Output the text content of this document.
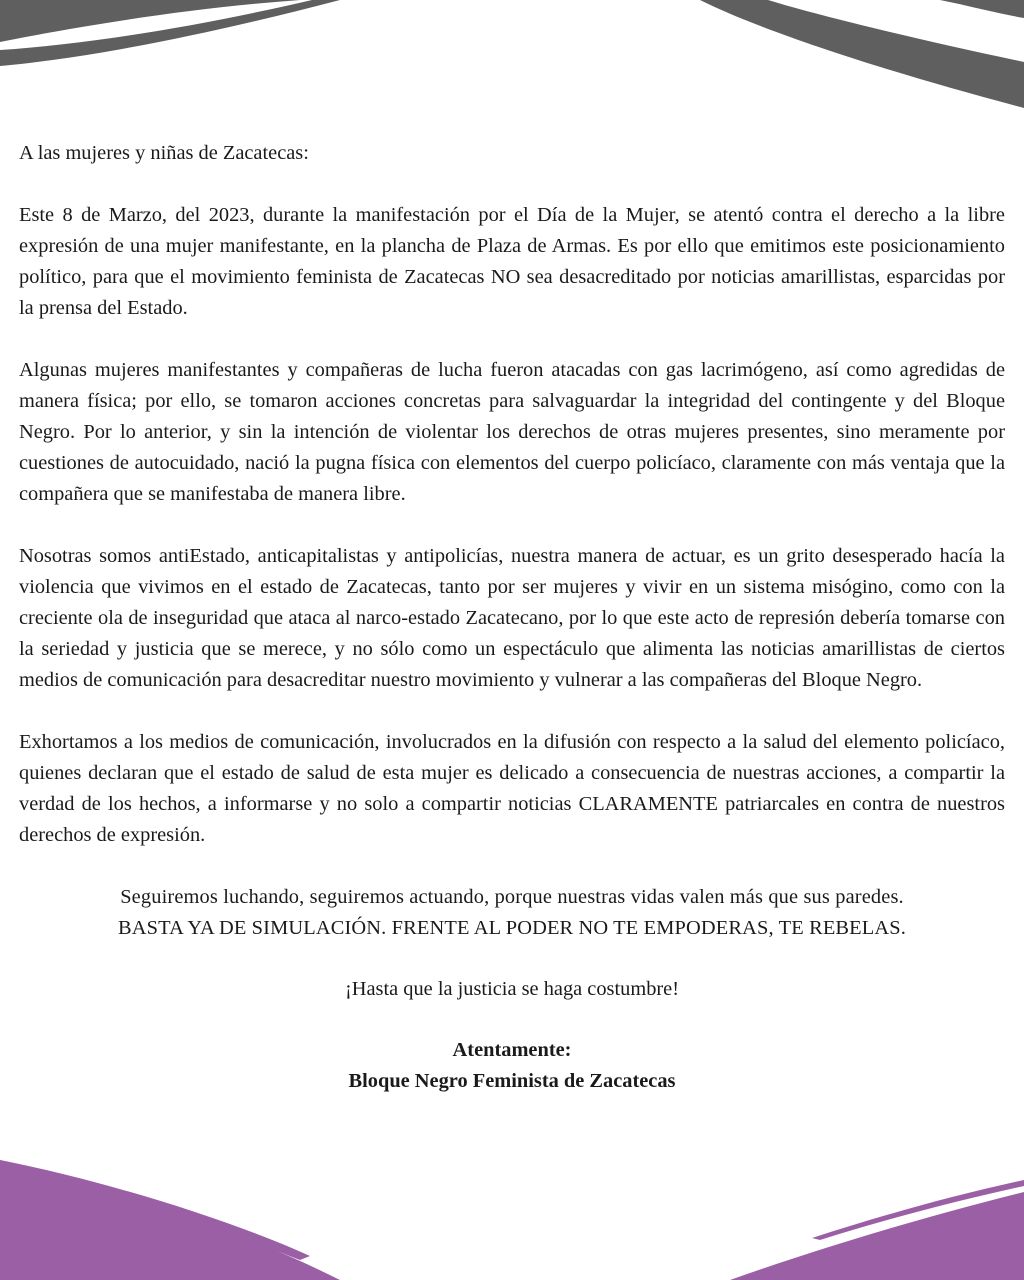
A las mujeres y niñas de Zacatecas:

Este 8 de Marzo, del 2023, durante la manifestación por el Día de la Mujer, se atentó contra el derecho a la libre expresión de una mujer manifestante, en la plancha de Plaza de Armas. Es por ello que emitimos este posicionamiento político, para que el movimiento feminista de Zacatecas NO sea desacreditado por noticias amarillistas, esparcidas por la prensa del Estado.

Algunas mujeres manifestantes y compañeras de lucha fueron atacadas con gas lacrimógeno, así como agredidas de manera física; por ello, se tomaron acciones concretas para salvaguardar la integridad del contingente y del Bloque Negro. Por lo anterior, y sin la intención de violentar los derechos de otras mujeres presentes, sino meramente por cuestiones de autocuidado, nació la pugna física con elementos del cuerpo policíaco, claramente con más ventaja que la compañera que se manifestaba de manera libre.

Nosotras somos antiEstado, anticapitalistas y antipolicías, nuestra manera de actuar, es un grito desesperado hacía la violencia que vivimos en el estado de Zacatecas, tanto por ser mujeres y vivir en un sistema misógino, como con la creciente ola de inseguridad que ataca al narco-estado Zacatecano, por lo que este acto de represión debería tomarse con la seriedad y justicia que se merece, y no sólo como un espectáculo que alimenta las noticias amarillistas de ciertos medios de comunicación para desacreditar nuestro movimiento y vulnerar a las compañeras del Bloque Negro.

Exhortamos a los medios de comunicación, involucrados en la difusión con respecto a la salud del elemento policíaco, quienes declaran que el estado de salud de esta mujer es delicado a consecuencia de nuestras acciones, a compartir la verdad de los hechos, a informarse y no solo a compartir noticias CLARAMENTE patriarcales en contra de nuestros derechos de expresión.

Seguiremos luchando, seguiremos actuando, porque nuestras vidas valen más que sus paredes.

BASTA YA DE SIMULACIÓN. FRENTE AL PODER NO TE EMPODERAS, TE REBELAS.

¡Hasta que la justicia se haga costumbre!

Atentamente:

Bloque Negro Feminista de Zacatecas
